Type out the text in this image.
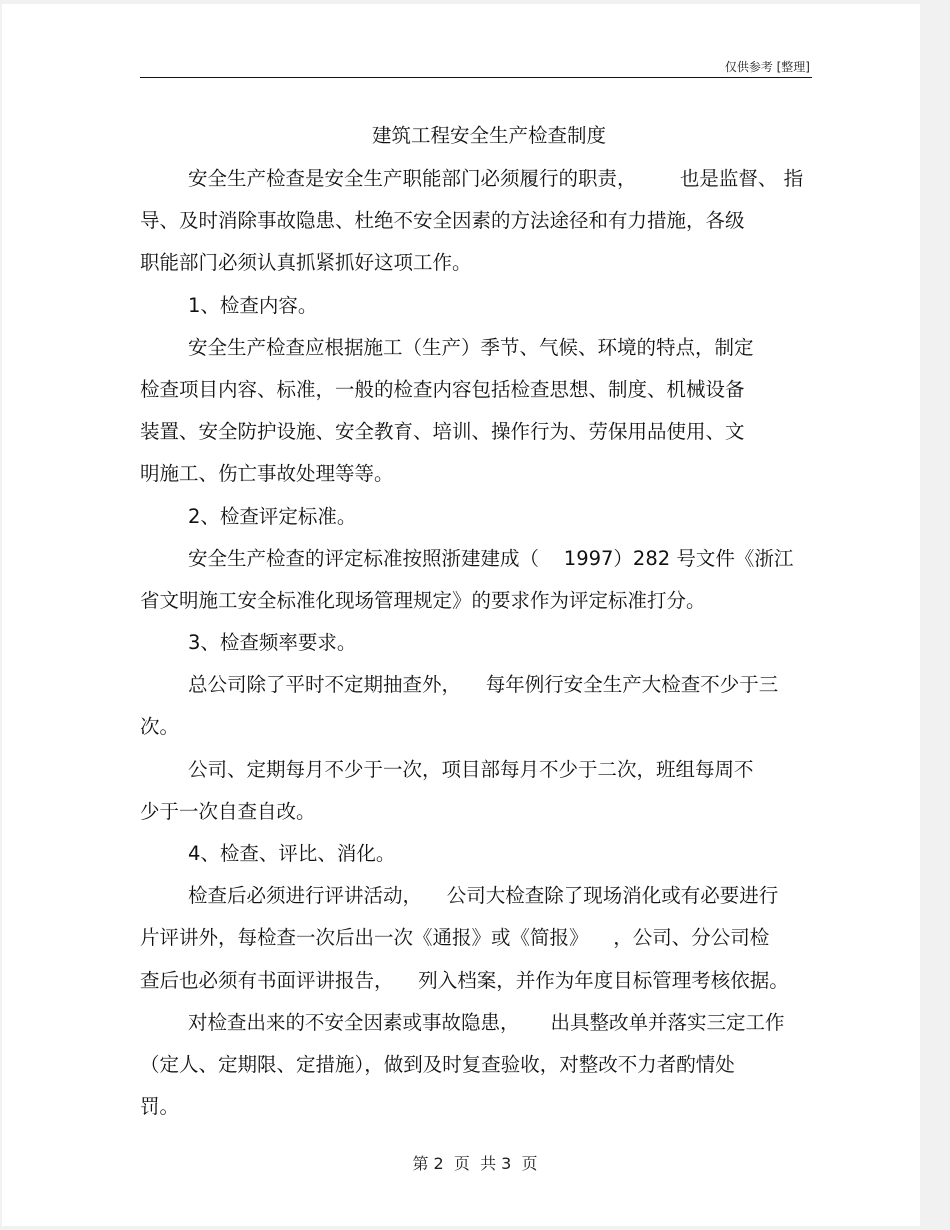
仅供参考 [整理]
建筑工程安全生产检查制度
安全生产检查是安全生产职能部门必须履行的职责，       也是监督、 指
导、及时消除事故隐患、杜绝不安全因素的方法途径和有力措施，各级
职能部门必须认真抓紧抓好这项工作。
1、检查内容。
安全生产检查应根据施工（生产）季节、气候、环境的特点，制定
检查项目内容、标准，一般的检查内容包括检查思想、制度、机械设备
装置、安全防护设施、安全教育、培训、操作行为、劳保用品使用、文
明施工、伤亡事故处理等等。
2、检查评定标准。
安全生产检查的评定标准按照浙建建成（    1997）282 号文件《浙江
省文明施工安全标准化现场管理规定》的要求作为评定标准打分。
3、检查频率要求。
总公司除了平时不定期抽查外，    每年例行安全生产大检查不少于三
次。
公司、定期每月不少于一次，项目部每月不少于二次，班组每周不
少于一次自查自改。
4、检查、评比、消化。
检查后必须进行评讲活动，    公司大检查除了现场消化或有必要进行
片评讲外，每检查一次后出一次《通报》或《简报》    ，公司、分公司检
查后也必须有书面评讲报告，    列入档案，并作为年度目标管理考核依据。
对检查出来的不安全因素或事故隐患，     出具整改单并落实三定工作
（定人、定期限、定措施），做到及时复查验收，对整改不力者酌情处
罚。
第 2  页  共 3  页
